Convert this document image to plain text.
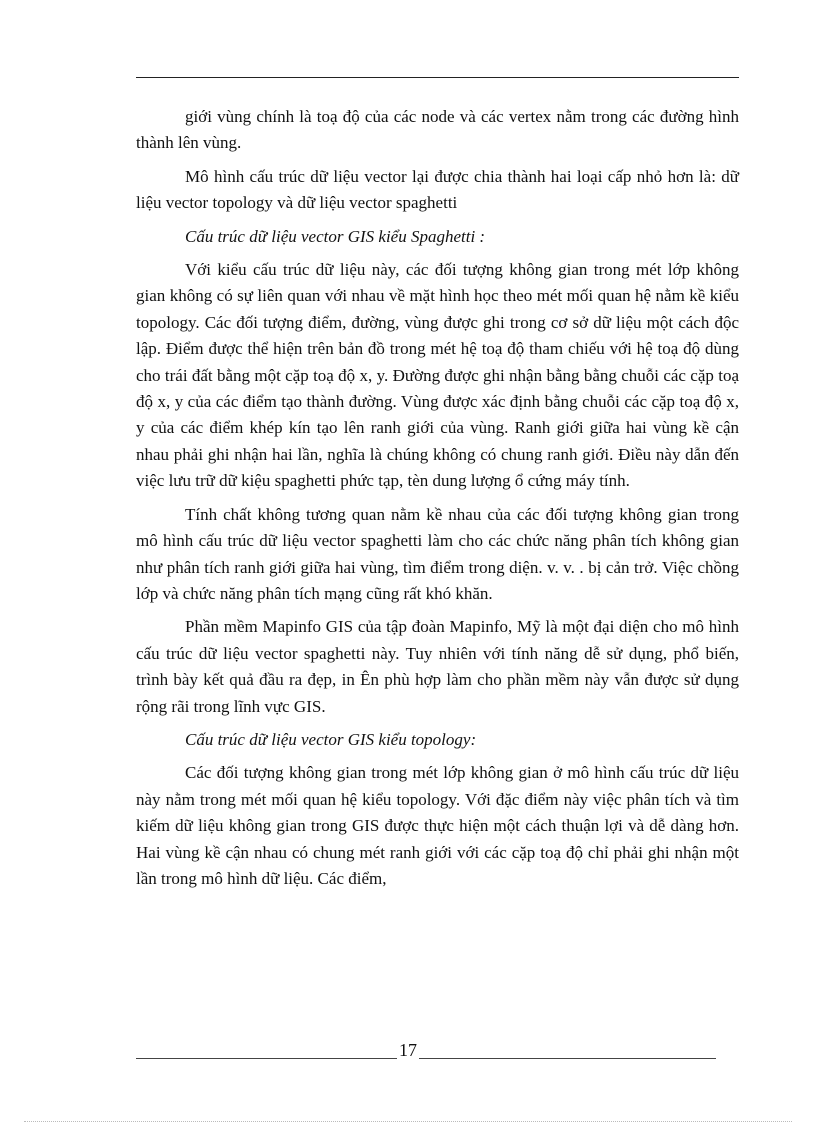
giới vùng chính là toạ độ của các node và các vertex nằm trong các đường hình thành lên vùng.

Mô hình cấu trúc dữ liệu vector lại được chia thành hai loại cấp nhỏ hơn là: dữ liệu vector topology và dữ liệu vector spaghetti

Cấu trúc dữ liệu vector GIS kiểu Spaghetti :

Với kiểu cấu trúc dữ liệu này, các đối tượng không gian trong mét lớp không gian không có sự liên quan với nhau về mặt hình học theo mét mối quan hệ nằm kề kiểu topology. Các đối tượng điểm, đường, vùng được ghi trong cơ sở dữ liệu một cách độc lập. Điểm được thể hiện trên bản đồ trong mét hệ toạ độ tham chiếu với hệ toạ độ dùng cho trái đất bằng một cặp toạ độ x, y. Đường được ghi nhận bằng bằng chuỗi các cặp toạ độ x, y của các điểm tạo thành đường. Vùng được xác định bằng chuỗi các cặp toạ độ x, y của các điểm khép kín tạo lên ranh giới của vùng. Ranh giới giữa hai vùng kề cận nhau phải ghi nhận hai lần, nghĩa là chúng không có chung ranh giới. Điều này dẫn đến việc lưu trữ dữ kiệu spaghetti phức tạp, tèn dung lượng ổ cứng máy tính.

Tính chất không tương quan nằm kề nhau của các đối tượng không gian trong mô hình cấu trúc dữ liệu vector spaghetti làm cho các chức năng phân tích không gian như phân tích ranh giới giữa hai vùng, tìm điểm trong diện. v. v. . bị cản trở. Việc chồng lớp và chức năng phân tích mạng cũng rất khó khăn.

Phần mềm Mapinfo GIS của tập đoàn Mapinfo, Mỹ là một đại diện cho mô hình cấu trúc dữ liệu vector spaghetti này. Tuy nhiên với tính năng dễ sử dụng, phổ biến, trình bày kết quả đầu ra đẹp, in Ên phù hợp làm cho phần mềm này vẫn được sử dụng rộng rãi trong lĩnh vực GIS.

Cấu trúc dữ liệu vector GIS kiểu topology:

Các đối tượng không gian trong mét lớp không gian ở mô hình cấu trúc dữ liệu này nằm trong mét mối quan hệ kiểu topology. Với đặc điểm này việc phân tích và tìm kiếm dữ liệu không gian trong GIS được thực hiện một cách thuận lợi và dễ dàng hơn. Hai vùng kề cận nhau có chung mét ranh giới với các cặp toạ độ chỉ phải ghi nhận một lần trong mô hình dữ liệu. Các điểm,

17
